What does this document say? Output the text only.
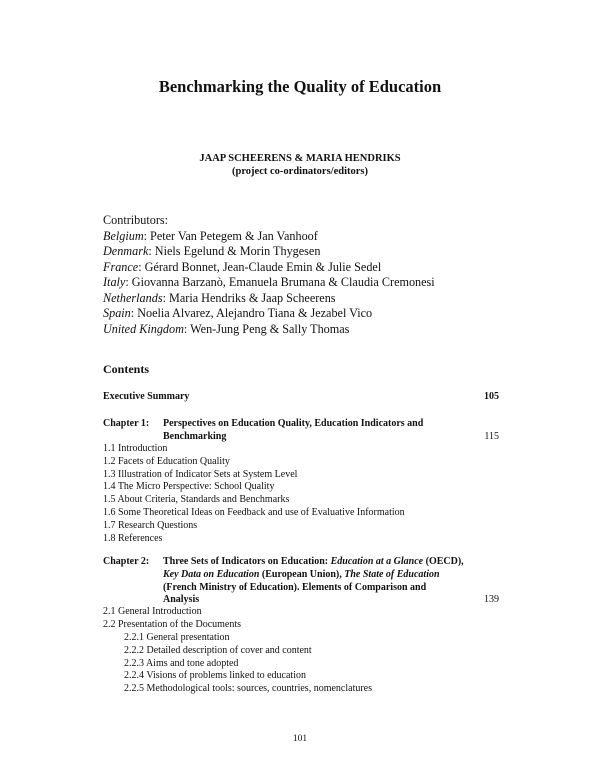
Benchmarking the Quality of Education
JAAP SCHEERENS & MARIA HENDRIKS
(project co-ordinators/editors)
Contributors:
Belgium: Peter Van Petegem & Jan Vanhoof
Denmark: Niels Egelund & Morin Thygesen
France: Gérard Bonnet, Jean-Claude Emin & Julie Sedel
Italy: Giovanna Barzanò, Emanuela Brumana & Claudia Cremonesi
Netherlands: Maria Hendriks & Jaap Scheerens
Spain: Noelia Alvarez, Alejandro Tiana & Jezabel Vico
United Kingdom: Wen-Jung Peng & Sally Thomas
Contents
Executive Summary	105
Chapter 1: Perspectives on Education Quality, Education Indicators and
Benchmarking	115
1.1 Introduction
1.2 Facets of Education Quality
1.3 Illustration of Indicator Sets at System Level
1.4 The Micro Perspective: School Quality
1.5 About Criteria, Standards and Benchmarks
1.6 Some Theoretical Ideas on Feedback and use of Evaluative Information
1.7 Research Questions
1.8 References
Chapter 2: Three Sets of Indicators on Education: Education at a Glance (OECD),
Key Data on Education (European Union), The State of Education
(French Ministry of Education). Elements of Comparison and
Analysis	139
2.1 General Introduction
2.2 Presentation of the Documents
2.2.1 General presentation
2.2.2 Detailed description of cover and content
2.2.3 Aims and tone adopted
2.2.4 Visions of problems linked to education
2.2.5 Methodological tools: sources, countries, nomenclatures
101
